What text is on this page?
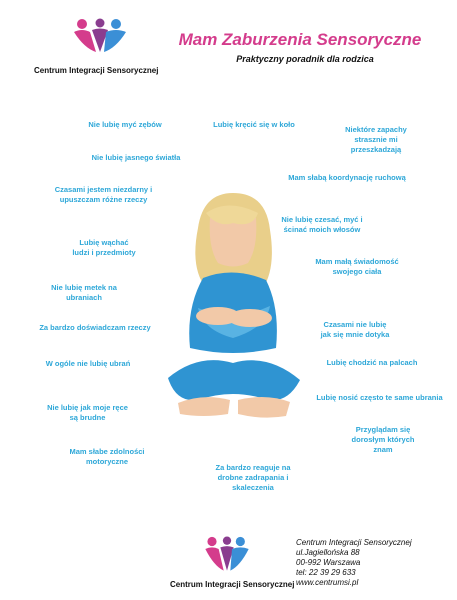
Centrum Integracji Sensorycznej
Mam Zaburzenia Sensoryczne
Praktyczny poradnik dla rodzica
Nie lubię myć zębów	Lubię kręcić się w koło
Niektóre zapachy
strasznie mi
przeszkadzają
Nie lubię jasnego światła
Mam słabą koordynację ruchową
Czasami jestem niezdarny i
upuszczam różne rzeczy
Nie lubię czesać, myć i
ścinać moich włosów
Lubię wąchać
ludzi i przedmioty
Mam małą świadomość
swojego ciała
Nie lubię metek na
ubraniach
Za bardzo doświadczam rzeczy	Czasami nie lubię
jak się mnie dotyka
W ogóle nie lubię ubrań	Lubię chodzić na palcach
Lubię nosić często te same ubrania
Nie lubię jak moje ręce
są brudne
Przyglądam się
dorosłym których
znam
Mam słabe zdolności
motoryczne
Za bardzo reaguje na
drobne zadrapania i
skaleczenia
Centrum Integracji Sensorycznej
Centrum Integracji Sensorycznej
ul.Jagiellońska 88
00-992 Warszawa
tel: 22 39 29 633
www.centrumsi.pl
